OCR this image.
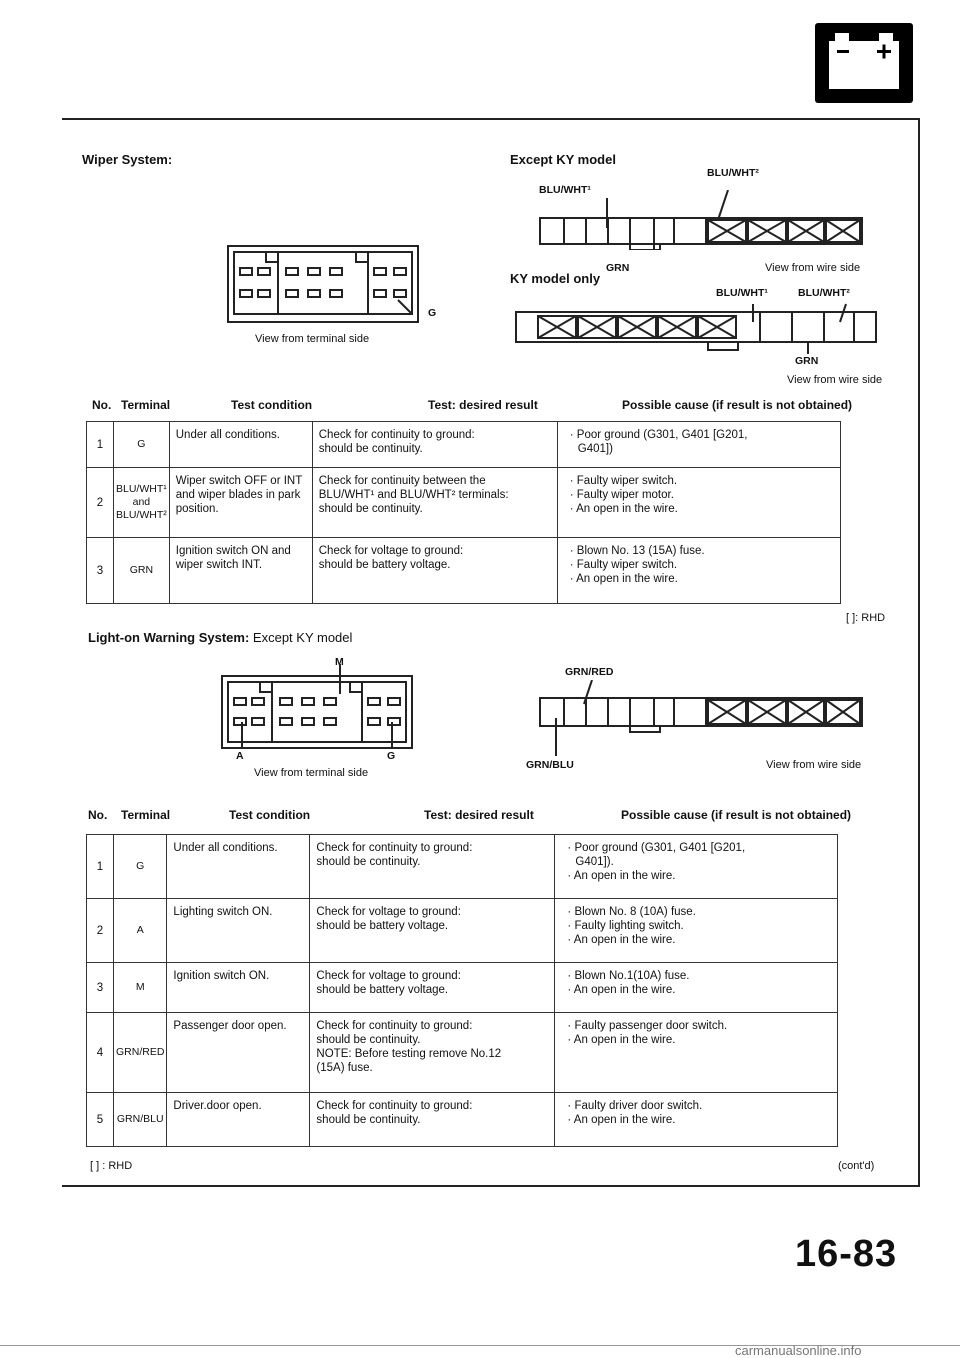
Wiper System:	Except KY model
G
View from terminal side
BLU/WHT²
BLU/WHT¹
GRN	View from wire side
KY model only
BLU/WHT¹	BLU/WHT²
GRN
View from wire side
No. Terminal	Test condition	Test: desired result	Possible cause (if result is not obtained)
1	G	Under all conditions.	Check for continuity to ground:
should be continuity.	· Poor ground (G301, G401 [G201,
G401])

2	BLU/WHT¹
and
BLU/WHT²	Wiper switch OFF or INT and wiper blades in park position.	Check for continuity between the
BLU/WHT¹ and BLU/WHT² terminals:
should be continuity.	· Faulty wiper switch.
· Faulty wiper motor.
· An open in the wire.

3	GRN	Ignition switch ON and wiper switch INT.	Check for voltage to ground:
should be battery voltage.	· Blown No. 13 (15A) fuse.
· Faulty wiper switch.
· An open in the wire.
[ ]: RHD
Light-on Warning System: Except KY model
M
A	G
View from terminal side
GRN/RED
GRN/BLU	View from wire side
No. Terminal	Test condition	Test: desired result	Possible cause (if result is not obtained)
1	G	Under all conditions.	Check for continuity to ground:
should be continuity.	· Poor ground (G301, G401 [G201,
G401]).
· An open in the wire.

2	A	Lighting switch ON.	Check for voltage to ground:
should be battery voltage.	· Blown No. 8 (10A) fuse.
· Faulty lighting switch.
· An open in the wire.

3	M	Ignition switch ON.	Check for voltage to ground:
should be battery voltage.	· Blown No.1(10A) fuse.
· An open in the wire.

4	GRN/RED	Passenger door open.	Check for continuity to ground:
should be continuity.
NOTE: Before testing remove No.12
(15A) fuse.	· Faulty passenger door switch.
· An open in the wire.

5	GRN/BLU	Driver.door open.	Check for continuity to ground:
should be continuity.	· Faulty driver door switch.
· An open in the wire.
[ ] : RHD	(cont'd)
16-83
carmanualsonline.info
